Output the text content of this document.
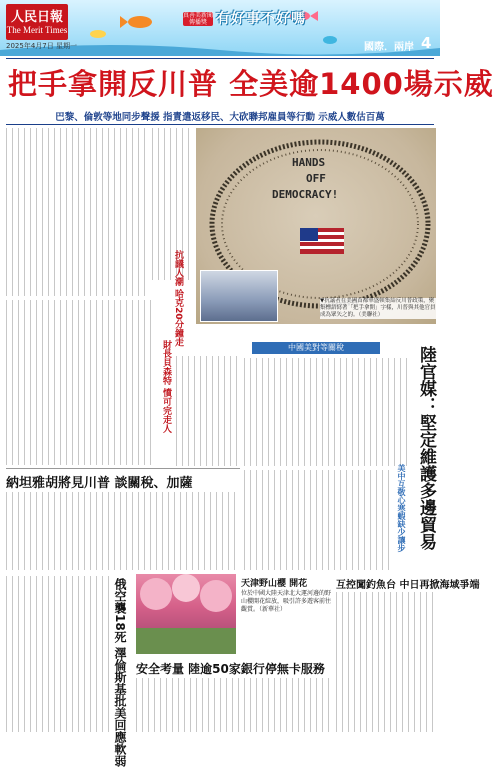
人民日報
The Merit Times
2025年4月7日 星期一
真善美新聞傳播獎 有好事不好嗎
國際．兩岸 4
把手拿開反川普 全美逾1400場示威
巴黎、倫敦等地同步聲援 指責遣返移民、大砍聯邦雇員等行動 示威人數估百萬
抗議人潮 哈克20分鐘走
財長貝森特 憤可完走人
HANDS
OFF
DEMOCRACY!
▼抗議者在美國首都華盛頓集結反川普政策，聚集標語寫著「把手拿開」字樣，川普與其他官員成為眾矢之的。（美聯社）
中國美對等關稅	陸官媒：堅定維護多邊貿易
美中互敬心寒蝦缺少讓步
納坦雅胡將見川普 談關稅、加薩
俄空襲18死 澤倫斯基批美回應軟弱	天津野山櫻 開花
位於中國大陸天津北大運河邊的野山櫻開花綻放，吸引許多遊客前往觀賞。（新華社）
安全考量 陸逾50家銀行停無卡服務
互控闖釣魚台 中日再掀海域爭端
